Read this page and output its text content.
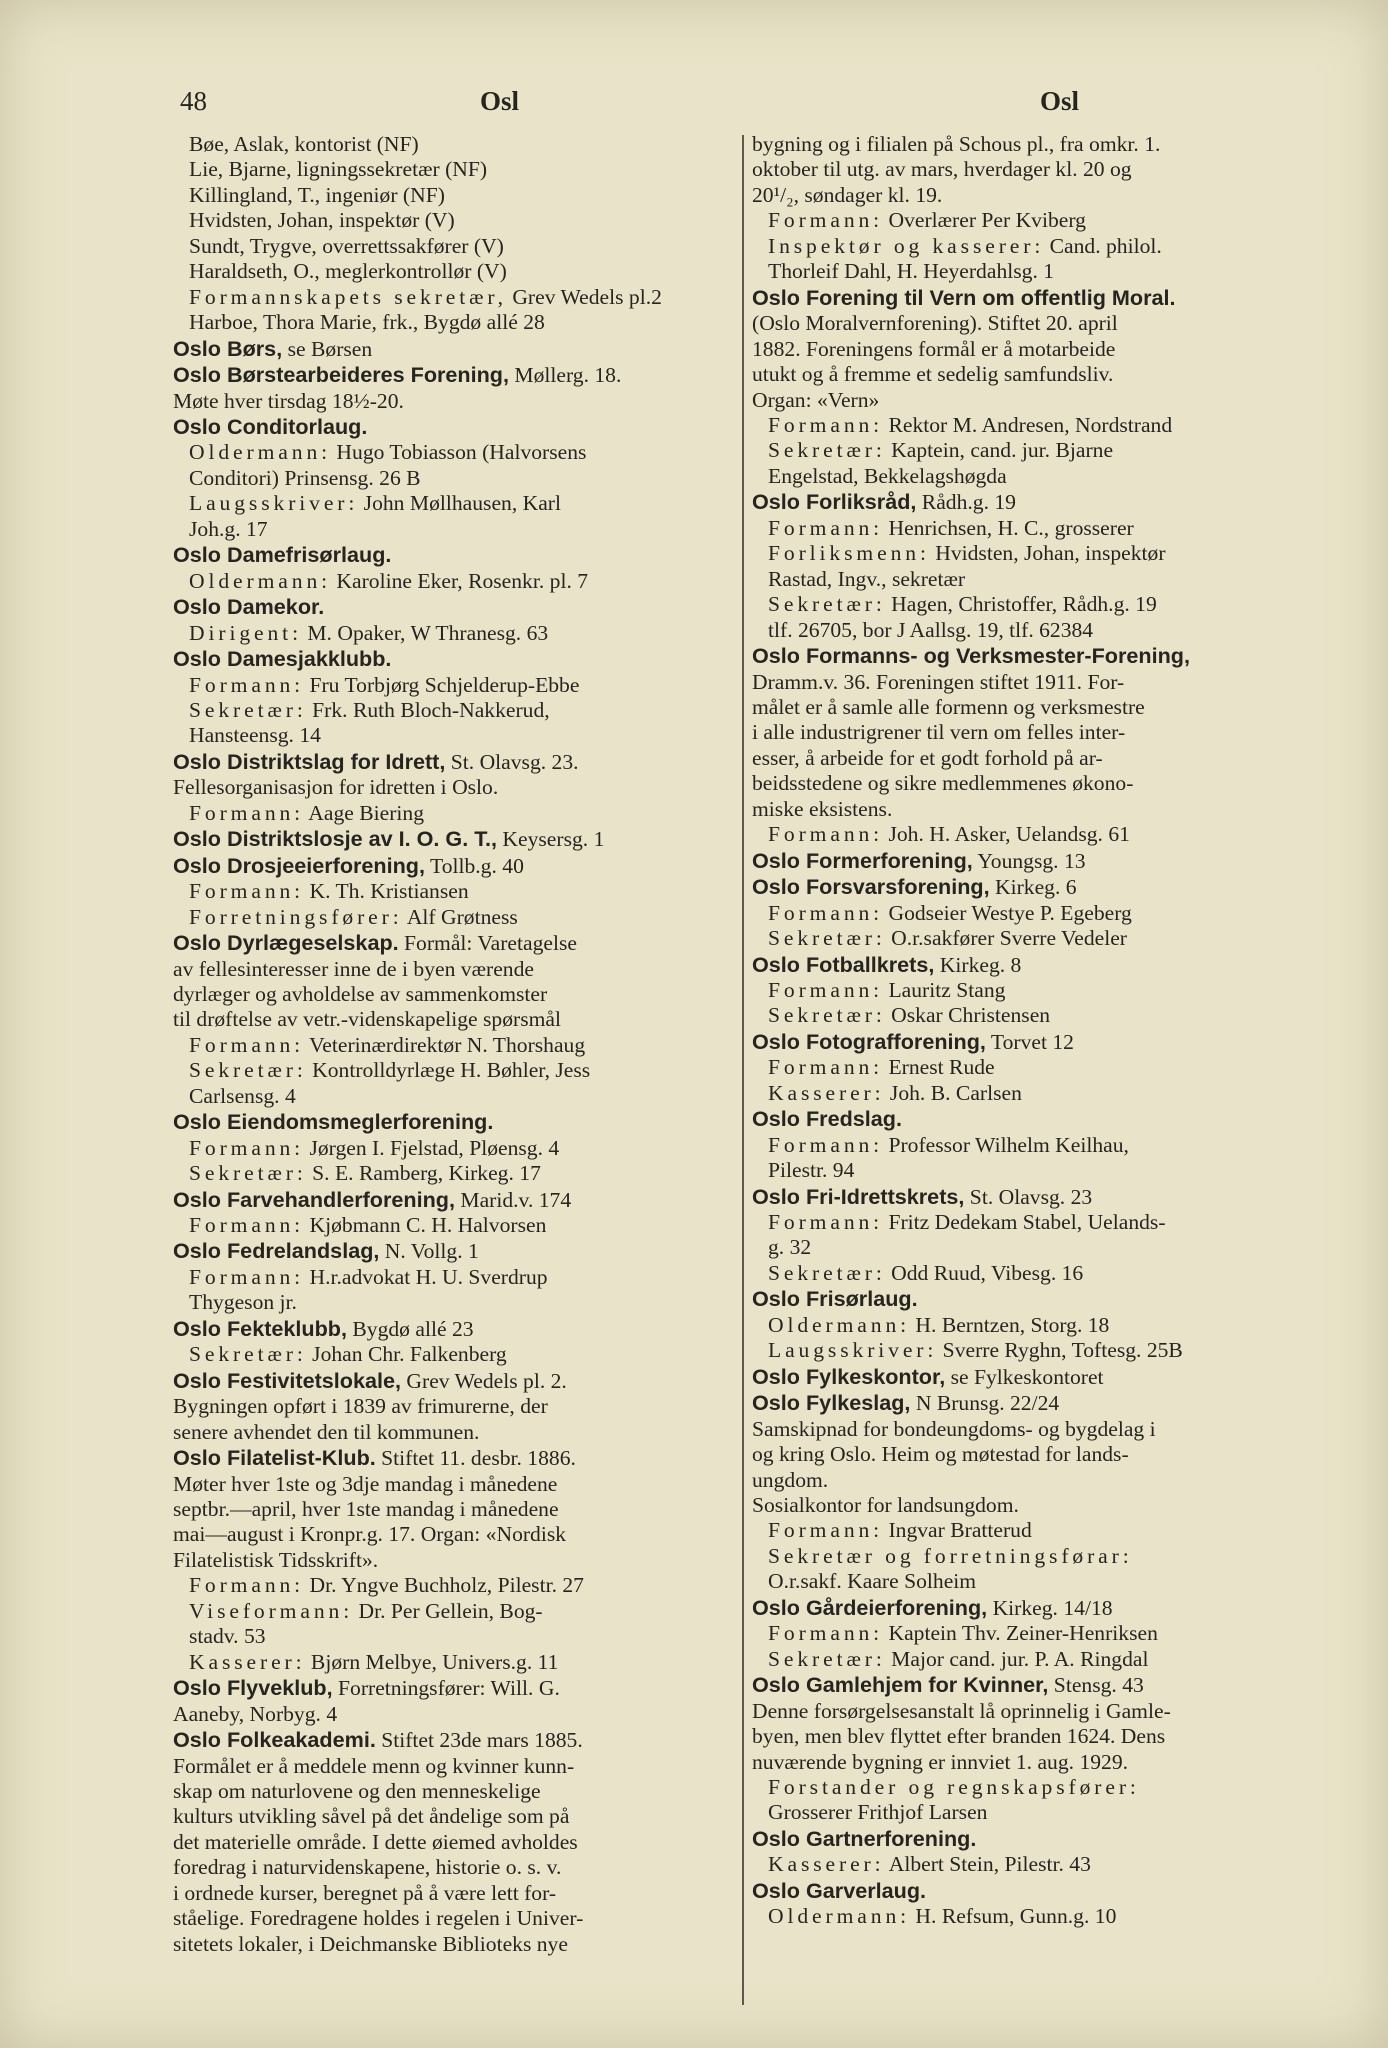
48	Osl	Osl
Bøe, Aslak, kontorist (NF)
Lie, Bjarne, ligningssekretær (NF)
Killingland, T., ingeniør (NF)
Hvidsten, Johan, inspektør (V)
Sundt, Trygve, overrettssakfører (V)
Haraldseth, O., meglerkontrollør (V)
Formannskapets sekretær, Grev Wedels pl.2
Harboe, Thora Marie, frk., Bygdø allé 28
Oslo Børs, se Børsen
Oslo Børstearbeideres Forening, Møllerg. 18.
Møte hver tirsdag 18½-20.
Oslo Conditorlaug.
Oldermann: Hugo Tobiasson (Halvorsens
Conditori) Prinsensg. 26 B
Laugsskriver: John Møllhausen, Karl
Joh.g. 17
Oslo Damefrisørlaug.
Oldermann: Karoline Eker, Rosenkr. pl. 7
Oslo Damekor.
Dirigent: M. Opaker, W Thranesg. 63
Oslo Damesjakklubb.
Formann: Fru Torbjørg Schjelderup-Ebbe
Sekretær: Frk. Ruth Bloch-Nakkerud,
Hansteensg. 14
Oslo Distriktslag for Idrett, St. Olavsg. 23.
Fellesorganisasjon for idretten i Oslo.
Formann: Aage Biering
Oslo Distriktslosje av I. O. G. T., Keysersg. 1
Oslo Drosjeeierforening, Tollb.g. 40
Formann: K. Th. Kristiansen
Forretningsfører: Alf Grøtness
Oslo Dyrlægeselskap. Formål: Varetagelse
av fellesinteresser inne de i byen værende
dyrlæger og avholdelse av sammenkomster
til drøftelse av vetr.-videnskapelige spørsmål
Formann: Veterinærdirektør N. Thorshaug
Sekretær: Kontrolldyrlæge H. Bøhler, Jess
Carlsensg. 4
Oslo Eiendomsmeglerforening.
Formann: Jørgen I. Fjelstad, Pløensg. 4
Sekretær: S. E. Ramberg, Kirkeg. 17
Oslo Farvehandlerforening, Marid.v. 174
Formann: Kjøbmann C. H. Halvorsen
Oslo Fedrelandslag, N. Vollg. 1
Formann: H.r.advokat H. U. Sverdrup
Thygeson jr.
Oslo Fekteklubb, Bygdø allé 23
Sekretær: Johan Chr. Falkenberg
Oslo Festivitetslokale, Grev Wedels pl. 2.
Bygningen opført i 1839 av frimurerne, der
senere avhendet den til kommunen.
Oslo Filatelist-Klub. Stiftet 11. desbr. 1886.
Møter hver 1ste og 3dje mandag i månedene
septbr.—april, hver 1ste mandag i månedene
mai—august i Kronpr.g. 17. Organ: «Nordisk
Filatelistisk Tidsskrift».
Formann: Dr. Yngve Buchholz, Pilestr. 27
Viseformann: Dr. Per Gellein, Bog-
stadv. 53
Kasserer: Bjørn Melbye, Univers.g. 11
Oslo Flyveklub, Forretningsfører: Will. G.
Aaneby, Norbyg. 4
Oslo Folkeakademi. Stiftet 23de mars 1885.
Formålet er å meddele menn og kvinner kunn-
skap om naturlovene og den menneskelige
kulturs utvikling såvel på det åndelige som på
det materielle område. I dette øiemed avholdes
foredrag i naturvidenskapene, historie o. s. v.
i ordnede kurser, beregnet på å være lett for-
ståelige. Foredragene holdes i regelen i Univer-
sitetets lokaler, i Deichmanske Biblioteks nye
bygning og i filialen på Schous pl., fra omkr. 1.
oktober til utg. av mars, hverdager kl. 20 og
20¹/₂, søndager kl. 19.
Formann: Overlærer Per Kviberg
Inspektør og kasserer: Cand. philol.
Thorleif Dahl, H. Heyerdahlsg. 1
Oslo Forening til Vern om offentlig Moral.
(Oslo Moralvernforening). Stiftet 20. april
1882. Foreningens formål er å motarbeide
utukt og å fremme et sedelig samfundsliv.
Organ: «Vern»
Formann: Rektor M. Andresen, Nordstrand
Sekretær: Kaptein, cand. jur. Bjarne
Engelstad, Bekkelagshøgda
Oslo Forliksråd, Rådh.g. 19
Formann: Henrichsen, H. C., grosserer
Forliksmenn: Hvidsten, Johan, inspektør
Rastad, Ingv., sekretær
Sekretær: Hagen, Christoffer, Rådh.g. 19
tlf. 26705, bor J Aallsg. 19, tlf. 62384
Oslo Formanns- og Verksmester-Forening,
Dramm.v. 36. Foreningen stiftet 1911. For-
målet er å samle alle formenn og verksmestre
i alle industrigrener til vern om felles inter-
esser, å arbeide for et godt forhold på ar-
beidsstedene og sikre medlemmenes økono-
miske eksistens.
Formann: Joh. H. Asker, Uelandsg. 61
Oslo Formerforening, Youngsg. 13
Oslo Forsvarsforening, Kirkeg. 6
Formann: Godseier Westye P. Egeberg
Sekretær: O.r.sakfører Sverre Vedeler
Oslo Fotballkrets, Kirkeg. 8
Formann: Lauritz Stang
Sekretær: Oskar Christensen
Oslo Fotografforening, Torvet 12
Formann: Ernest Rude
Kasserer: Joh. B. Carlsen
Oslo Fredslag.
Formann: Professor Wilhelm Keilhau,
Pilestr. 94
Oslo Fri-Idrettskrets, St. Olavsg. 23
Formann: Fritz Dedekam Stabel, Uelands-
g. 32
Sekretær: Odd Ruud, Vibesg. 16
Oslo Frisørlaug.
Oldermann: H. Berntzen, Storg. 18
Laugsskriver: Sverre Ryghn, Toftesg. 25B
Oslo Fylkeskontor, se Fylkeskontoret
Oslo Fylkeslag, N Brunsg. 22/24
Samskipnad for bondeungdoms- og bygdelag i
og kring Oslo. Heim og møtestad for lands-
ungdom.
Sosialkontor for landsungdom.
Formann: Ingvar Bratterud
Sekretær og forretningsførar:
O.r.sakf. Kaare Solheim
Oslo Gårdeierforening, Kirkeg. 14/18
Formann: Kaptein Thv. Zeiner-Henriksen
Sekretær: Major cand. jur. P. A. Ringdal
Oslo Gamlehjem for Kvinner, Stensg. 43
Denne forsørgelsesanstalt lå oprinnelig i Gamle-
byen, men blev flyttet efter branden 1624. Dens
nuværende bygning er innviet 1. aug. 1929.
Forstander og regnskapsfører:
Grosserer Frithjof Larsen
Oslo Gartnerforening.
Kasserer: Albert Stein, Pilestr. 43
Oslo Garverlaug.
Oldermann: H. Refsum, Gunn.g. 10
